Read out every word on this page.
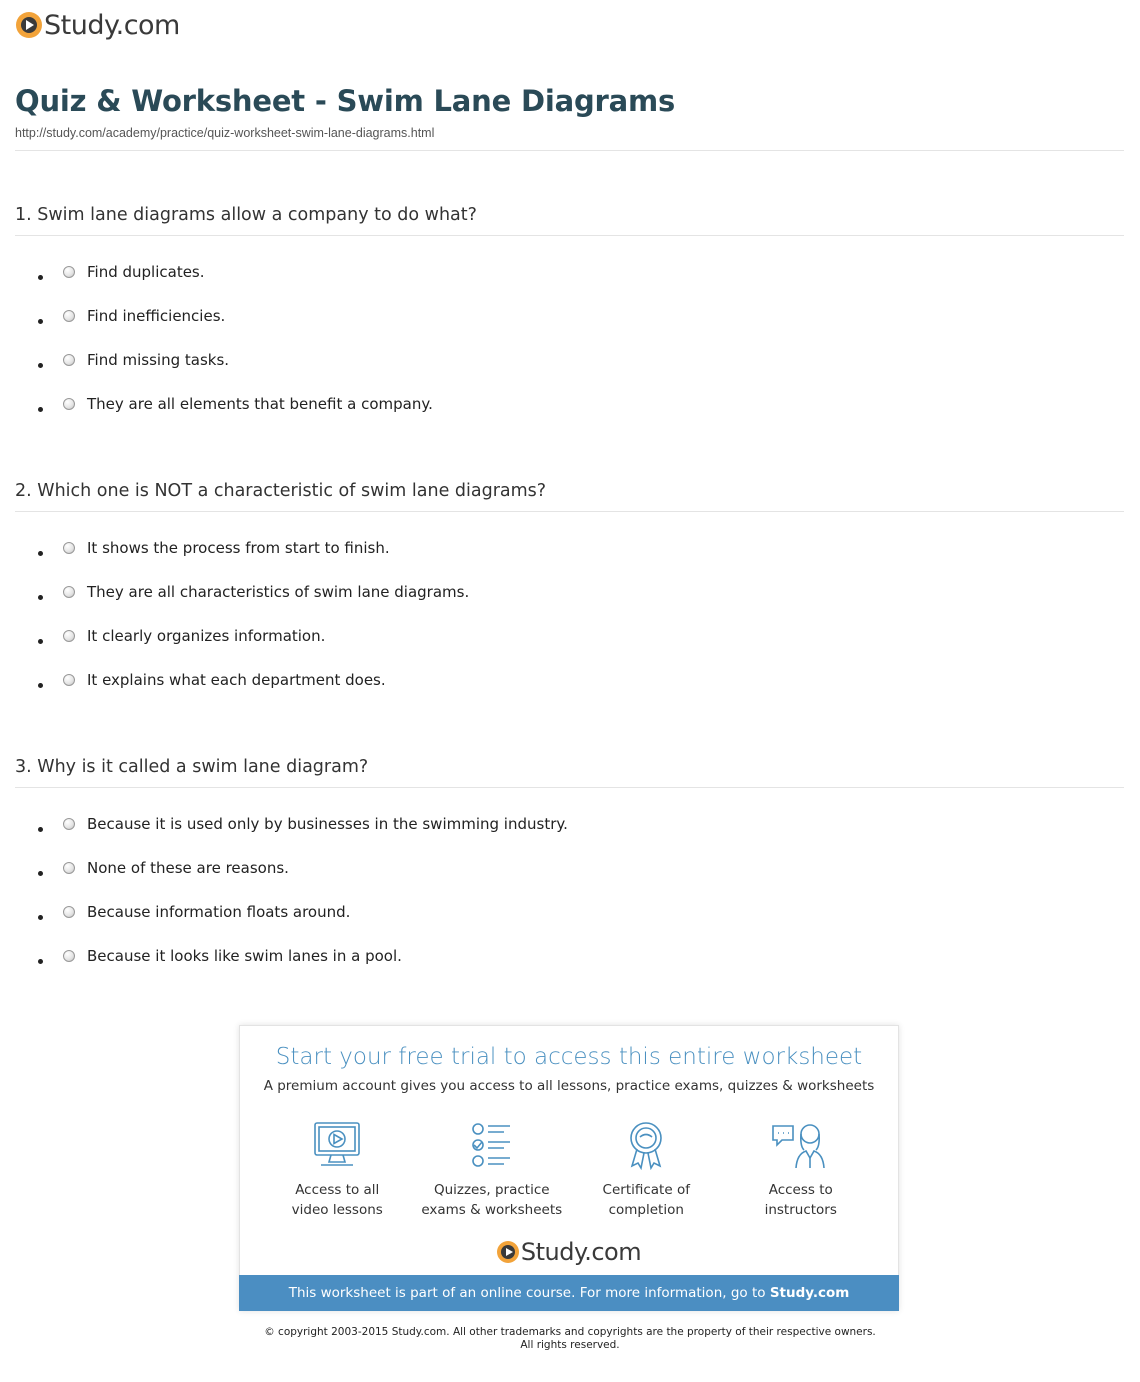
Study.com
Quiz & Worksheet - Swim Lane Diagrams
http://study.com/academy/practice/quiz-worksheet-swim-lane-diagrams.html
1. Swim lane diagrams allow a company to do what?
Find duplicates.
Find inefficiencies.
Find missing tasks.
They are all elements that benefit a company.
2. Which one is NOT a characteristic of swim lane diagrams?
It shows the process from start to finish.
They are all characteristics of swim lane diagrams.
It clearly organizes information.
It explains what each department does.
3. Why is it called a swim lane diagram?
Because it is used only by businesses in the swimming industry.
None of these are reasons.
Because information floats around.
Because it looks like swim lanes in a pool.
Start your free trial to access this entire worksheet
A premium account gives you access to all lessons, practice exams, quizzes & worksheets
Access to all
video lessons
Quizzes, practice
exams & worksheets
Certificate of
completion
Access to
instructors
Study.com
This worksheet is part of an online course. For more information, go to Study.com
© copyright 2003-2015 Study.com. All other trademarks and copyrights are the property of their respective owners.
All rights reserved.
